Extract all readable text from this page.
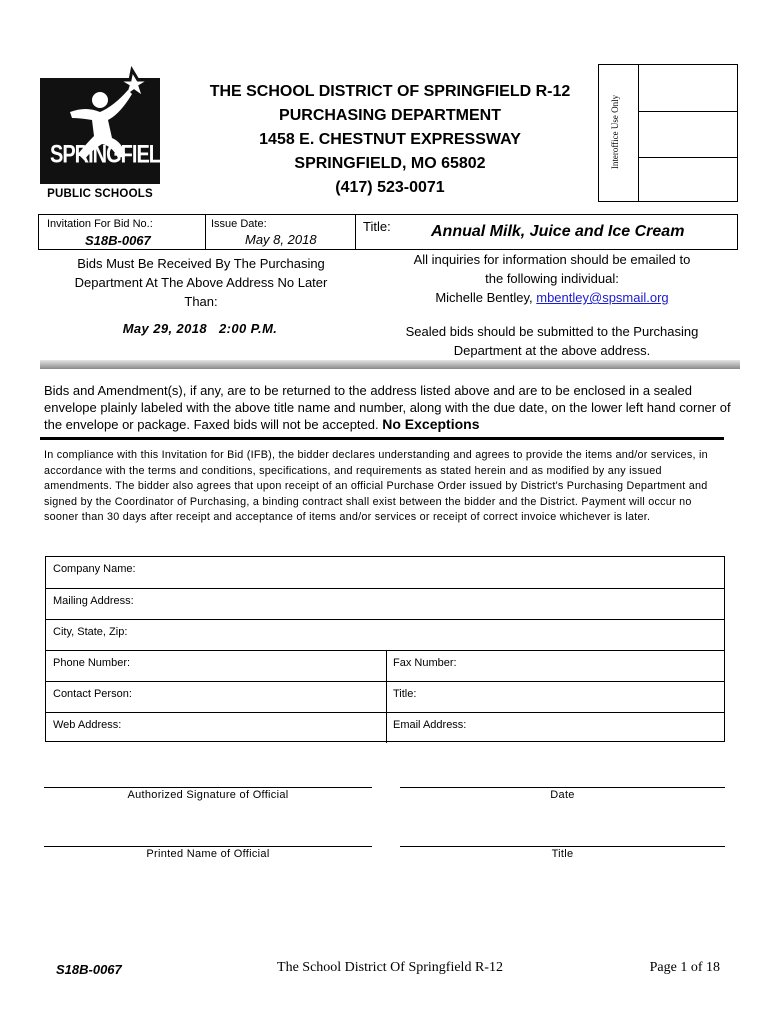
SPRINGFIELD
PUBLIC SCHOOLS
THE SCHOOL DISTRICT OF SPRINGFIELD R-12
PURCHASING DEPARTMENT
1458 E. CHESTNUT EXPRESSWAY
SPRINGFIELD, MO 65802
(417) 523-0071
Interoffice Use Only
Invitation For Bid No.:
S18B-0067
Issue Date:
May 8, 2018
Title:	Annual Milk, Juice and Ice Cream
Bids Must Be Received By The Purchasing
Department At The Above Address No Later
Than:
May 29, 2018   2:00 P.M.
All inquiries for information should be emailed to
the following individual:
Michelle Bentley, mbentley@spsmail.org
Sealed bids should be submitted to the Purchasing
Department at the above address.
Bids and Amendment(s), if any, are to be returned to the address listed above and are to be enclosed in a sealed envelope plainly labeled with the above title name and number, along with the due date, on the lower left hand corner of the envelope or package. Faxed bids will not be accepted. No Exceptions
In compliance with this Invitation for Bid (IFB), the bidder declares understanding and agrees to provide the items and/or services, in accordance with the terms and conditions, specifications, and requirements as stated herein and as modified by any issued amendments. The bidder also agrees that upon receipt of an official Purchase Order issued by District's Purchasing Department and signed by the Coordinator of Purchasing, a binding contract shall exist between the bidder and the District. Payment will occur no sooner than 30 days after receipt and acceptance of items and/or services or receipt of correct invoice whichever is later.
Company Name:
Mailing Address:
City, State, Zip:
Phone Number:	Fax Number:
Contact Person:	Title:
Web Address:	Email Address:
Authorized Signature of Official	Date
Printed Name of Official	Title
S18B-0067	The School District Of Springfield R-12	Page 1 of 18
